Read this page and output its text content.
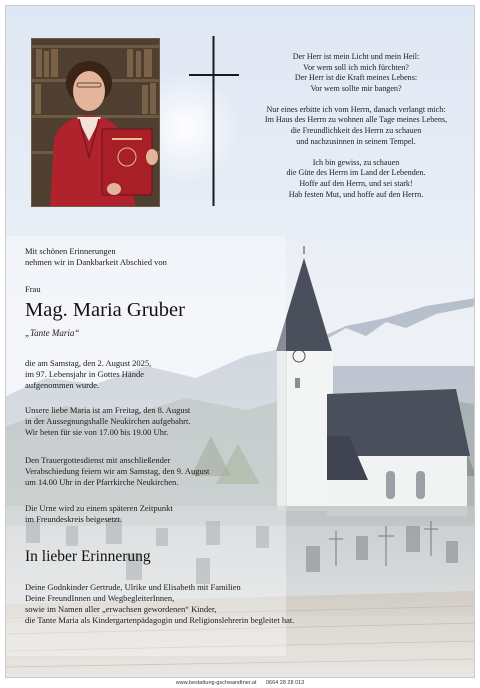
Der Herr ist mein Licht und mein Heil:
Vor wem soll ich mich fürchten?
Der Herr ist die Kraft meines Lebens:
Vor wem sollte mir bangen?
Nur eines erbitte ich vom Herrn, danach verlangt mich:
Im Haus des Herrn zu wohnen alle Tage meines Lebens,
die Freundlichkeit des Herrn zu schauen
und nachzusinnen in seinem Tempel.
Ich bin gewiss, zu schauen
die Güte des Herrn im Land der Lebenden.
Hoffe auf den Herrn, und sei stark!
Hab festen Mut, und hoffe auf den Herrn.
Mit schönen Erinnerungen
nehmen wir in Dankbarkeit Abschied von
Frau
Mag. Maria Gruber
„Tante Maria“
die am Samstag, den 2. August 2025,
im 97. Lebensjahr in Gottes Hände
aufgenommen wurde.
Unsere liebe Maria ist am Freitag, den 8. August
in der Aussegnungshalle Neukirchen aufgebahrt.
Wir beten für sie von 17.00 bis 19.00 Uhr.
Den Trauergottesdienst mit anschließender
Verabschiedung feiern wir am Samstag, den 9. August
um 14.00 Uhr in der Pfarrkirche Neukirchen.
Die Urne wird zu einem späteren Zeitpunkt
im Freundeskreis beigesetzt.
In lieber Erinnerung
Deine Godnkinder Gertrude, Ulrike und Elisabeth mit Familien
Deine FreundInnen und WegbegleiterInnen,
sowie im Namen aller „erwachsen gewordenen“ Kinder,
die Tante Maria als Kindergartenpädagogin und Religionslehrerin begleitet hat.
www.bestattung-gschwandtner.at 0664 28 28 013
